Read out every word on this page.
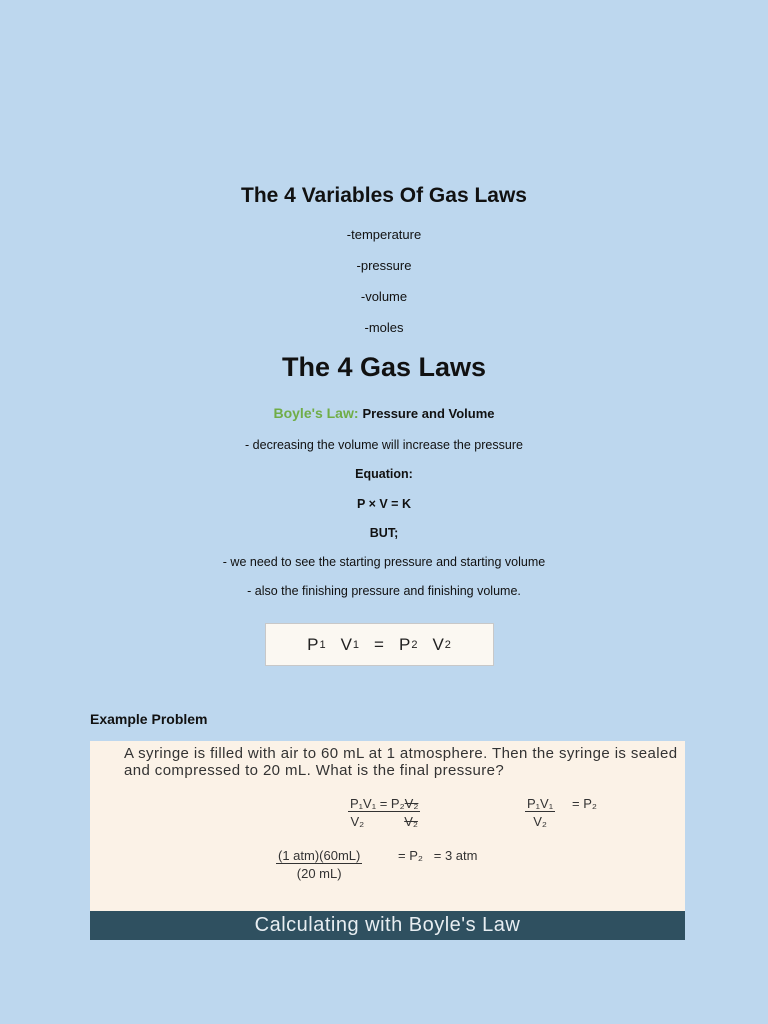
The 4 Variables Of Gas Laws
-temperature
-pressure
-volume
-moles
The 4 Gas Laws
Boyle's Law: Pressure and Volume
- decreasing the volume will increase the pressure
Equation:
P × V = K
BUT;
- we need to see the starting pressure and starting volume
- also the finishing pressure and finishing volume.
P 1 V 1 = P 2 V 2
Example Problem
A syringe is filled with air to 60 mL at 1 atmosphere. Then the syringe is sealed and compressed to 20 mL. What is the final pressure?
P₁V₁ = P₂V₂
V₂	V₂	$\frac{\text{P₁V₁}}{\text{V₂}} = P_2$
(1 atm)(60mL)
(20 mL)
= P₂   = 3 atm
Calculating with Boyle's Law
